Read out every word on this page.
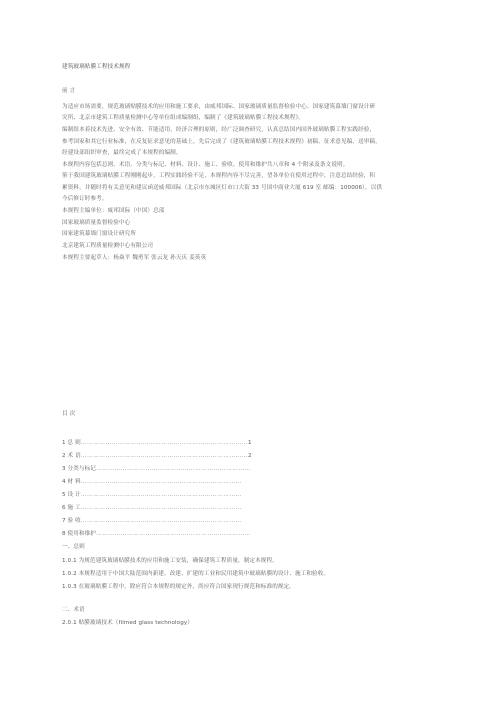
建筑玻璃贴膜工程技术规程
前 言
为适应市场需要，规范玻璃贴膜技术的应用和施工要求，由威邦国际、国家玻璃质量监督检验中心、国家建筑幕墙门窗设计研
究所、北京市建筑工程质量检测中心等单位组成编制组，编制了《建筑玻璃贴膜工程技术规程》。
编制组本着技术先进、安全有效、节能适用、经济合理的原则，经广泛调查研究，认真总结国内国外玻璃贴膜工程实践经验，
参考国家和其它行业标准，在反复征求意见的基础上，先后完成了《建筑玻璃贴膜工程技术规程》初稿、征求意见稿、送审稿，
经建设部组织审查，最终完成了本规程的编制。
本规程内容包括总则、术语、分类与标记、材料、设计、施工、验收、使用和维护共八章和 4 个附录及条文说明。
鉴于我国建筑玻璃贴膜工程刚刚起步，工程实践经验不足，本规程内容不尽完善，望各单位在使用过程中，注意总结经验，积
累资料，并随时将有关意见和建议函送威邦国际（北京市东城区灯市口大街 33 号国中商业大厦 619 室 邮编：100006），以供
今后修订时参考。
本规程主编单位：威邦国际（中国）总部
国家玻璃质量监督检验中心
国家建筑幕墙门窗设计研究所
北京建筑工程质量检测中心有限公司
本规程主要起草人：杨焱平 魏勇军 张云龙 孙天庆 姜英英
目 次
1 总 则………………………………………………………………………1
2 术 语………………………………………………………………………2
3 分类与标记…………………………………………………………………
4 材 料……………………………………………………………………
5 设 计……………………………………………………………………
6 施 工……………………………………………………………………
7 验 收……………………………………………………………………
8 使用和维护…………………………………………………………………
一、总则
1.0.1 为规范建筑玻璃贴膜技术的应用和施工安装，确保建筑工程质量，制定本规程。
1.0.2 本规程适用于中国大陆范围内新建、改建、扩建的工业和民用建筑中玻璃贴膜的设计、施工和验收。
1.0.3 在玻璃贴膜工程中，除应符合本规程的规定外，尚应符合国家现行规范和标准的规定。
二、术语
2.0.1 贴膜玻璃技术（filmed glass technology）
